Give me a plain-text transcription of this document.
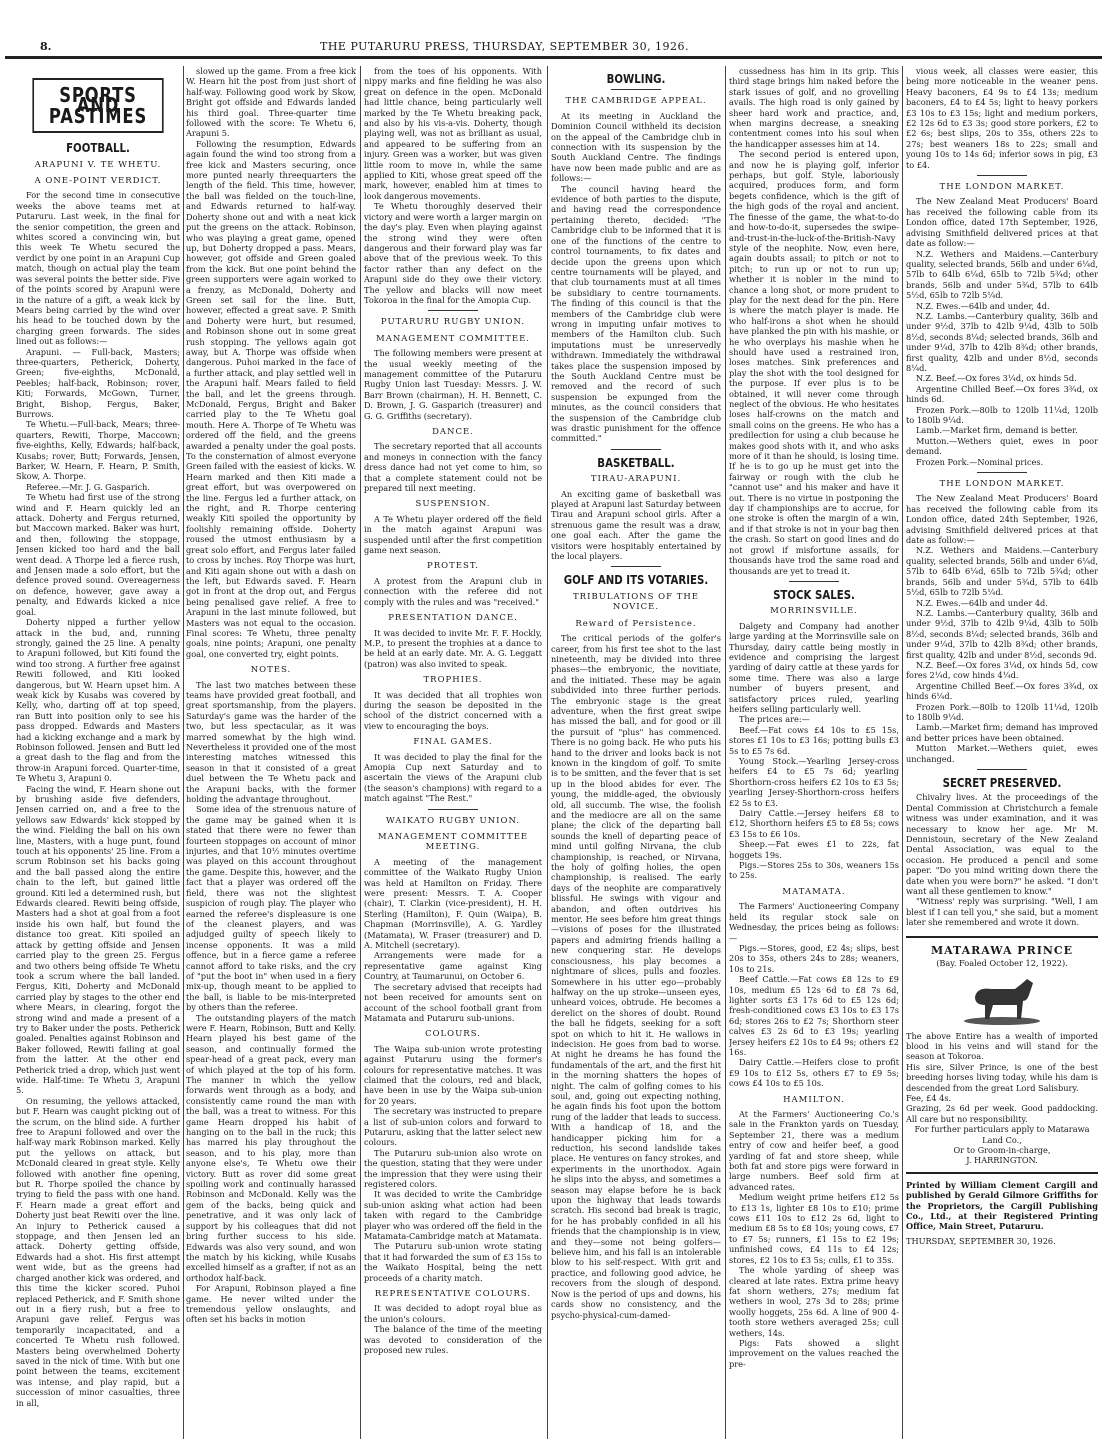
8.	THE PUTARURU PRESS, THURSDAY, SEPTEMBER 30, 1926.
SPORTS AND PASTIMES
FOOTBALL.
ARAPUNI V. TE WHETU.
A ONE-POINT VERDICT.

For the second time in consecutive weeks the above teams met at Putaruru. Last week, in the final for the senior competition, the green and whites scored a convincing win, but this week Te Whetu secured the verdict by one point in an Arapuni Cup match, though on actual play the team was several points the better side. Five of the points scored by Arapuni were in the nature of a gift, a weak kick by Mears being carried by the wind over his head to be touched down by the charging green forwards. The sides lined out as follows:—

Arapuni. — Full-back, Masters; three-quarters, Petherick, Doherty, Green; five-eighths, McDonald, Peebles; half-back, Robinson; rover, Kiti; Forwards, McGown, Turner, Bright, Bishop, Fergus, Baker, Burrows.

Te Whetu.—Full-back, Mears; three-quarters, Rewiti, Thorpe, Maccown; five-eighths, Kelly, Edwards; half-back, Kusabs; rover, Butt; Forwards, Jensen, Barker, W. Hearn, F. Hearn, P. Smith, Skow, A. Thorpe.

Referee.—Mr. J. G. Gasparich.

Te Whetu had first use of the strong wind and F. Hearn quickly led an attack. Doherty and Fergus returned, but Maccown marked. Baker was hurt, and then, following the stoppage, Jensen kicked too hard and the ball went dead. A Thorpe led a fierce rush, and Jensen made a solo effort, but the defence proved sound. Overeagerness on defence, however, gave away a penalty, and Edwards kicked a nice goal.

Doherty nipped a further yellow attack in the bud, and, running strongly, gained the 25 line. A penalty to Arapuni followed, but Kiti found the wind too strong. A further free against Rewiti followed, and Kiti looked dangerous, but W. Hearn upset him. A weak kick by Kusabs was covered by Kelly, who, darting off at top speed, ran Butt into position only to see his pass dropped. Edwards and Masters had a kicking exchange and a mark by Robinson followed. Jensen and Butt led a great dash to the flag and from the throw-in Arapuni forced. Quarter-time, Te Whetu 3, Arapuni 0.

Facing the wind, F. Hearn shone out by brushing aside five defenders, Jensen carried on, and a free to the yellows saw Edwards' kick stopped by the wind. Fielding the ball on his own line, Masters, with a huge punt, found touch at his opponents' 25 line. From a scrum Robinson set his backs going and the ball passed along the entire chain to the left, but gained little ground. Kiti led a determined rush, but Edwards cleared. Rewiti being offside, Masters had a shot at goal from a foot inside his own half, but found the distance too great. Kiti spoiled an attack by getting offside and Jensen carried play to the green 25. Fergus and two others being offside Te Whetu took a scrum where the ball landed. Fergus, Kiti, Doherty and McDonald carried play by stages to the other end where Mears, in clearing, forgot the strong wind and made a present of a try to Baker under the posts. Petherick goaled. Penalties against Robinson and Baker followed, Rewiti failing at goal from the latter. At the other end Petherick tried a drop, which just went wide. Half-time: Te Whetu 3, Arapuni 5.

On resuming, the yellows attacked, but F. Hearn was caught picking out of the scrum, on the blind side. A further free to Arapuni followed and over the half-way mark Robinson marked. Kelly put the yellows on attack, but McDonald cleared in great style. Kelly followed with another fine opening, but R. Thorpe spoiled the chance by trying to field the pass with one hand. F. Hearn made a great effort and Doherty just beat Rewiti over the line. An injury to Petherick caused a stoppage, and then Jensen led an attack. Doherty getting offside, Edwards had a shot. His first attempt went wide, but as the greens had charged another kick was ordered, and this time the kicker scored. Puhoi replaced Petherick, and F. Smith shone out in a fiery rush, but a free to Arapuni gave relief. Fergus was temporarily incapacitated, and a concerted Te Whetu rush followed. Masters being overwhelmed Doherty saved in the nick of time. With but one point between the teams, excitement was intense, and play rapid, but a succession of minor casualties, three in all,

slowed up the game. From a free kick W. Hearn hit the post from just short of half-way. Following good work by Skow, Bright got offside and Edwards landed his third goal. Three-quarter time followed with the score: Te Whetu 6, Arapuni 5.

Following the resumption, Edwards again found the wind too strong from a free kick and Masters securing, once more punted nearly threequarters the length of the field. This time, however, the ball was fielded on the touch-line, and Edwards returned to half-way. Doherty shone out and with a neat kick put the greens on the attack. Robinson, who was playing a great game, opened up, but Doherty dropped a pass. Mears, however, got offside and Green goaled from the kick. But one point behind the green supporters were again worked to a frenzy, as McDonald, Doherty and Green set sail for the line. Butt, however, effected a great save. P. Smith and Doherty were hurt, but resumed, and Robinson shone out in some great rush stopping. The yellows again got away, but A. Thorpe was offside when dangerous. Puhoi marked in the face of a further attack, and play settled well in the Arapuni half. Mears failed to field the ball, and let the greens through. McDonald, Fergus, Bright and Baker carried play to the Te Whetu goal mouth. Here A. Thorpe of Te Whetu was ordered off the field, and the greens awarded a penalty under the goal posts. To the consternation of almost everyone Green failed with the easiest of kicks. W. Hearn marked and then Kiti made a great effort, but was overpowered on the line. Fergus led a further attack, on the right, and R. Thorpe centering weakly Kiti spoiled the opportunity by foolishly remaining offside. Doherty roused the utmost enthusiasm by a great solo effort, and Fergus later failed to cross by inches. Roy Thorpe was hurt, and Kiti again shone out with a dash on the left, but Edwards saved. F. Hearn got in front at the drop out, and Fergus being penalised gave relief. A free to Arapuni in the last minute followed, but Masters was not equal to the occasion. Final scores: Te Whetu, three penalty goals, nine points; Arapuni, one penalty goal, one converted try, eight points.

NOTES.

The last two matches between these teams have provided great football, and great sportsmanship, from the players. Saturday's game was the harder of the two, but less spectacular, as it was marred somewhat by the high wind. Nevertheless it provided one of the most interesting matches witnessed this season in that it consisted of a great duel between the Te Whetu pack and the Arapuni backs, with the former holding the advantage throughout.

Some idea of the strenuous nature of the game may be gained when it is stated that there were no fewer than fourteen stoppages on account of minor injuries, and that 10½ minutes overtime was played on this account throughout the game. Despite this, however, and the fact that a player was ordered off the field, there was not the slightest suspicion of rough play. The player who earned the referee's displeasure is one of the cleanest players, and was adjudged guilty of speech likely to incense opponents. It was a mild offence, but in a fierce game a referee cannot afford to take risks, and the cry of "put the boot in" when used in a fiery mix-up, though meant to be applied to the ball, is liable to be mis-interpreted by others than the referee.

The outstanding players of the match were F. Hearn, Robinson, Butt and Kelly. Hearn played his best game of the season, and continually formed the spear-head of a great pack, every man of which played at the top of his form. The manner in which the yellow forwards went through as a body, and consistently came round the man with the ball, was a treat to witness. For this game Hearn dropped his habit of hanging on to the ball in the ruck; this has marred his play throughout the season, and to his play, more than anyone else's, Te Whetu owe their victory. Butt as rover did some great spoiling work and continually harassed Robinson and McDonald. Kelly was the gem of the backs, being quick and penetrative, and it was only lack of support by his colleagues that did not bring further success to his side. Edwards was also very sound, and won the match by his kicking, while Kusabs excelled himself as a grafter, if not as an orthodox half-back.

For Arapuni, Robinson played a fine game. He never wilted under the tremendous yellow onslaughts, and often set his backs in motion

from the toes of his opponents. With nippy marks and fine fielding he was also great on defence in the open. McDonald had little chance, being particularly well marked by the Te Whetu breaking pack, and also by his vis-a-vis. Doherty, though playing well, was not as brilliant as usual, and appeared to be suffering from an injury. Green was a worker, but was given little room to move in, while the same applied to Kiti, whose great speed off the mark, however, enabled him at times to look dangerous movements.

Te Whetu thoroughly deserved their victory and were worth a larger margin on the day's play. Even when playing against the strong wind they were often dangerous and their forward play was far above that of the previous week. To this factor rather than any defect on the Arapuni side do they owe their victory. The yellow and blacks will now meet Tokoroa in the final for the Amopia Cup.

PUTARURU RUGBY UNION.
MANAGEMENT COMMITTEE.

The following members were present at the usual weekly meeting of the management committee of the Putaruru Rugby Union last Tuesday: Messrs. J. W. Barr Brown (chairman), H. H. Bennett, C. D. Brown, J. G. Gasparich (treasurer) and G. G. Griffiths (secretary).

DANCE.

The secretary reported that all accounts and moneys in connection with the fancy dress dance had not yet come to him, so that a complete statement could not be prepared till next meeting.

SUSPENSION.

A Te Whetu player ordered off the field in the match against Arapuni was suspended until after the first competition game next season.

PROTEST.

A protest from the Arapuni club in connection with the referee did not comply with the rules and was "received."

PRESENTATION DANCE.

It was decided to invite Mr. F. F. Hockly, M.P., to present the trophies at a dance to be held at an early date. Mr. A. G. Leggatt (patron) was also invited to speak.

TROPHIES.

It was decided that all trophies won during the season be deposited in the school of the district concerned with a view to encouraging the boys.

FINAL GAMES.

It was decided to play the final for the Amopia Cup next Saturday and to ascertain the views of the Arapuni club (the season's champions) with regard to a match against "The Rest."

WAIKATO RUGBY UNION.
MANAGEMENT COMMITTEE MEETING.

A meeting of the management committee of the Waikato Rugby Union was held at Hamilton on Friday. There were present: Messrs. T. A. Cooper (chair), T. Clarkin (vice-president), H. H. Sterling (Hamilton), F. Quin (Waipa), B. Chapman (Morrinsville), A. G. Yardley (Matamata), W. Fraser (treasurer) and D. A. Mitchell (secretary).

Arrangements were made for a representative game against King Country, at Taumarunui, on October 6.

The secretary advised that receipts had not been received for amounts sent on account of the school football grant from Matamata and Putaruru sub-unions.

COLOURS.

The Waipa sub-union wrote protesting against Putaruru using the former's colours for representative matches. It was claimed that the colours, red and black, have been in use by the Waipa sub-union for 20 years.

The secretary was instructed to prepare a list of sub-union colors and forward to Putaruru, asking that the latter select new colours.

The Putaruru sub-union also wrote on the question, stating that they were under the impression that they were using their registered colors.

It was decided to write the Cambridge sub-union asking what action had been taken with regard to the Cambridge player who was ordered off the field in the Matamata-Cambridge match at Matamata.

The Putaruru sub-union wrote stating that it had forwarded the sum of £3 15s to the Waikato Hospital, being the nett proceeds of a charity match.

REPRESENTATIVE COLOURS.

It was decided to adopt royal blue as the union's colours.

The balance of the time of the meeting was devoted to consideration of the proposed new rules.

BOWLING.
THE CAMBRIDGE APPEAL.

At its meeting in Auckland the Dominion Council withheld its decision on the appeal of the Cambridge club in connection with its suspension by the South Auckland Centre. The findings have now been made public and are as follows:—

The council having heard the evidence of both parties to the dispute, and having read the correspondence pertaining thereto, decided: "The Cambridge club to be informed that it is one of the functions of the centre to control tournaments, to fix dates and decide upon the greens upon which centre tournaments will be played, and that club tournaments must at all times be subsidiary to centre tournaments. The finding of this council is that the members of the Cambridge club were wrong in imputing unfair motives to members of the Hamilton club. Such imputations must be unreservedly withdrawn. Immediately the withdrawal takes place the suspension imposed by the South Auckland Centre must be removed and the record of such suspension be expunged from the minutes, as the council considers that the suspension of the Cambridge club was drastic punishment for the offence committed."

BASKETBALL.
TIRAU-ARAPUNI.

An exciting game of basketball was played at Arapuni last Saturday between Tirau and Arapuni school girls. After a strenuous game the result was a draw, one goal each. After the game the visitors were hospitably entertained by the local players.

GOLF AND ITS VOTARIES.
TRIBULATIONS OF THE NOVICE.
Reward of Persistence.

The critical periods of the golfer's career, from his first tee shot to the last nineteenth, may be divided into three phases—the embryonic, the novitiate, and the initiated. These may be again subdivided into three further periods. The embryonic stage is the great adventure, when the first great swipe has missed the ball, and for good or ill the pursuit of "plus" has commenced. There is no going back. He who puts his hand to the driver and looks back is not known in the kingdom of golf. To smite is to be smitten, and the fever that is set up in the blood abides for ever. The young, the middle-aged, the obviously old, all succumb. The wise, the foolish and the mediocre are all on the same plane; the click of the departing ball sounds the knell of departing peace of mind until golfing Nirvana, the club championship, is reached, or Nirvana, the holy of golfing holies, the open championship, is realised. The early days of the neophite are comparatively blissful. He swings with vigour and abandon, and often outdrives his mentor. He sees before him great things—visions of poses for the illustrated papers and admiring friends hailing a new conquering star. He develops consciousness, his play becomes a nightmare of slices, pulls and foozles. Somewhere in his utter ego—probably halfway on the up stroke—unseen eyes, unheard voices, obtrude. He becomes a derelict on the shores of doubt. Round the ball he fidgets, seeking for a soft spot on which to hit it. He wallows in indecision. He goes from bad to worse. At night he dreams he has found the fundamentals of the art, and the first hit in the morning shatters the hopes of night. The calm of golfing comes to his soul, and, going out expecting nothing, he again finds his foot upon the bottom rung of the ladder that leads to success. With a handicap of 18, and the handicapper picking him for a reduction, his second landslide takes place. He ventures on fancy strokes, and experiments in the unorthodox. Again he slips into the abyss, and sometimes a season may elapse before he is back upon the highway that leads towards scratch. His second bad break is tragic, for he has probably confided in all his friends that the championship is in view, and they—some not being golfers—believe him, and his fall is an intolerable blow to his self-respect. With grit and practice, and following good advice, he recovers from the slough of despond. Now is the period of ups and downs, his cards show no consistency, and the psycho-physical-cum-damed-

cussedness has him in its grip. This third stage brings him naked before the stark issues of golf, and no grovelling avails. The high road is only gained by sheer hard work and practice, and, when margins decrease, a sneaking contentment comes into his soul when the handicapper assesses him at 14.

The second period is entered upon, and now he is playing golf, inferior perhaps, but golf. Style, laboriously acquired, produces form, and form begets confidence, which is the gift of the high gods of the royal and ancient. The finesse of the game, the what-to-do and how-to-do-it, supersedes the swipe-and-trust-in-the-luck-of-the-British-Navy style of the neophite. Now, even here, again doubts assail; to pitch or not to pitch; to run up or not to run up; whether it is nobler in the mind to chance a long shot, or more prudent to play for the next dead for the pin. Here is where the match player is made. He who half-irons a shot when he should have planked the pin with his mashie, or he who overplays his mashie when he should have used a restrained iron, loses matches. Sink preferences and play the shot with the tool designed for the purpose. If ever plus is to be obtained, it will never come through neglect of the obvious. He who hesitates loses half-crowns on the match and small coins on the greens. He who has a predilection for using a club because he makes good shots with it, and who asks more of it than he should, is losing time. If he is to go up he must get into the fairway or rough with the club he "cannot use" and his maker and have it out. There is no virtue in postponing the day if championships are to accrue, for one stroke is often the margin of a win, and if that stroke is not in your bag then the crash. So start on good lines and do not growl if misfortune assails, for thousands have trod the same road and thousands are yet to tread it.

STOCK SALES.
MORRINSVILLE.

Dalgety and Company had another large yarding at the Morrinsville sale on Thursday, dairy cattle being mostly in evidence and comprising the largest yarding of dairy cattle at these yards for some time. There was also a large number of buyers present, and satisfactory prices ruled, yearling heifers selling particularly well.

The prices are:—

Beef.—Fat cows £4 10s to £5 15s, stores £1 10s to £3 16s; potting bulls £3 5s to £5 7s 6d.

Young Stock.—Yearling Jersey-cross heifers £4 to £5 7s 6d; yearling Shorthorn-cross heifers £2 10s to £3 5s; yearling Jersey-Shorthorn-cross heifers £2 5s to £3.

Dairy Cattle.—Jersey heifers £8 to £12, Shorthorn heifers £5 to £8 5s; cows £3 15s to £6 10s.

Sheep.—Fat ewes £1 to 22s, fat hoggets 19s.

Pigs.—Stores 25s to 30s, weaners 15s to 25s.

MATAMATA.

The Farmers' Auctioneering Company held its regular stock sale on Wednesday, the prices being as follows:—

Pigs.—Stores, good, £2 4s; slips, best 20s to 35s, others 24s to 28s; weaners, 10s to 21s.

Beef Cattle.—Fat cows £8 12s to £9 10s, medium £5 12s 6d to £8 7s 6d, lighter sorts £3 17s 6d to £5 12s 6d; fresh-conditioned cows £3 10s to £3 17s 6d; stores 26s to £2 7s; Shorthorn steer calves £3 2s 6d to £3 19s; yearling Jersey heifers £2 10s to £4 9s; others £2 16s.

Dairy Cattle.—Heifers close to profit £9 10s to £12 5s, others £7 to £9 5s; cows £4 10s to £5 10s.

HAMILTON.

At the Farmers' Auctioneering Co.'s sale in the Frankton yards on Tuesday, September 21, there was a medium entry of cow and heifer beef, a good yarding of fat and store sheep, while both fat and store pigs were forward in large numbers. Beef sold firm at advanced rates.

Medium weight prime heifers £12 5s to £13 1s, lighter £8 10s to £10; prime cows £11 10s to £12 2s 6d, light to medium £8 5s to £8 10s; young cows, £7 to £7 5s; runners, £1 15s to £2 19s; unfinished cows, £4 11s to £4 12s; stores, £2 10s to £3 5s; culls, £1 to 35s.

The whole yarding of sheep was cleared at late rates. Extra prime heavy fat shorn wethers, 27s; medium fat wethers in wool, 27s 3d to 28s; prime woolly hoggets, 25s 6d. A line of 900 4-tooth store wethers averaged 25s; cull wethers, 14s.

Pigs: Fats showed a slight improvement on the values reached the pre-

vious week, all classes were easier, this being more noticeable in the weaner pens. Heavy baconers, £4 9s to £4 13s; medium baconers, £4 to £4 5s; light to heavy porkers £3 10s to £3 15s; light and medium porkers, £2 12s 6d to £3 3s; good store porkers, £2 to £2 6s; best slips, 20s to 35s, others 22s to 27s; best weaners 18s to 22s; small and young 10s to 14s 6d; inferior sows in pig, £3 to £4.

THE LONDON MARKET.

The New Zealand Meat Producers' Board has received the following cable from its London office, dated 17th September, 1926, advising Smithfield delivered prices at that date as follow:—

N.Z. Wethers and Maidens.—Canterbury quality, selected brands, 56lb and under 6¼d, 57lb to 64lb 6¼d, 65lb to 72lb 5¾d; other brands, 56lb and under 5¾d, 57lb to 64lb 5½d, 65lb to 72lb 5¼d.

N.Z. Ewes.—64lb and under, 4d.

N.Z. Lambs.—Canterbury quality, 36lb and under 9½d, 37lb to 42lb 9¼d, 43lb to 50lb 8½d, seconds 8¼d; selected brands, 36lb and under 9¼d, 37lb to 42lb 8¾d; other brands, first quality, 42lb and under 8½d, seconds 8¼d.

N.Z. Beef.—Ox fores 3¼d, ox hinds 5d.

Argentine Chilled Beef.—Ox fores 3¾d, ox hinds 6d.

Frozen Pork.—80lb to 120lb 11¼d, 120lb to 180lb 9¼d.

Lamb.—Market firm, demand is better.

Mutton.—Wethers quiet, ewes in poor demand.

Frozen Pork.—Nominal prices.

THE LONDON MARKET.

The New Zealand Meat Producers' Board has received the following cable from its London office, dated 24th September, 1926, advising Smithfield delivered prices at that date as follow:—

N.Z. Wethers and Maidens.—Canterbury quality, selected brands, 56lb and under 6¼d, 57lb to 64lb 6¼d, 65lb to 72lb 5¾d; other brands, 56lb and under 5¾d, 57lb to 64lb 5½d, 65lb to 72lb 5¼d.

N.Z. Ewes.—64lb and under 4d.

N.Z. Lambs.—Canterbury quality, 36lb and under 9½d, 37lb to 42lb 9¼d, 43lb to 50lb 8½d, seconds 8¼d; selected brands, 36lb and under 9¼d, 37lb to 42lb 8¾d; other brands, first quality, 42lb and under 8½d, seconds 9d.

N.Z. Beef.—Ox fores 3¼d, ox hinds 5d, cow fores 2¼d, cow hinds 4¼d.

Argentine Chilled Beef.—Ox fores 3¾d, ox hinds 6¼d.

Frozen Pork.—80lb to 120lb 11¼d, 120lb to 180lb 9¼d.

Lamb.—Market firm; demand has improved and better prices have been obtained.

Mutton Market.—Wethers quiet, ewes unchanged.

SECRET PRESERVED.

Chivalry lives. At the proceedings of the Dental Commission at Christchurch a female witness was under examination, and it was necessary to know her age. Mr M. Dennistoun, secretary of the New Zealand Dental Association, was equal to the occasion. He produced a pencil and some paper. "Do you mind writing down there the date when you were born?" he asked. "I don't want all these gentlemen to know."

"Witness' reply was surprising. "Well, I am blest if I can tell you," she said, but a moment later she remembered and wrote it down.

MATARAWA PRINCE
(Bay. Foaled October 12, 1922).

The above Entire has a wealth of imported blood in his veins and will stand for the season at Tokoroa.

His sire, Silver Prince, is one of the best breeding horses living today, while his dam is descended from the great Lord Salisbury.

Fee, £4 4s.

Grazing, 2s 6d per week. Good paddocking. All care but no responsibility.

For further particulars apply to Matarawa Land Co.,

Or to Groom-in-charge,

J. HARRINGTON.

Printed by William Clement Cargill and published by Gerald Gilmore Griffiths for the Proprietors, the Cargill Publishing Co., Ltd., at their Registered Printing Office, Main Street, Putaruru.

THURSDAY, SEPTEMBER 30, 1926.
